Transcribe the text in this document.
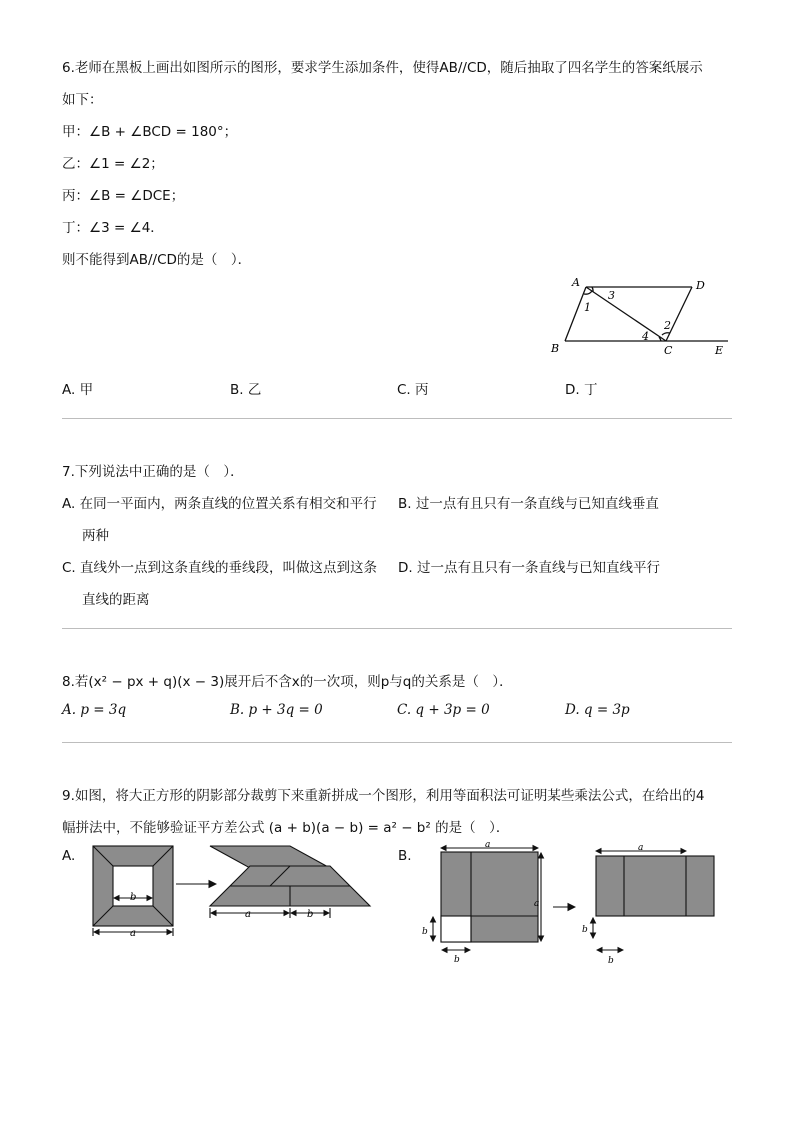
6.老师在黑板上画出如图所示的图形，要求学生添加条件，使得AB//CD，随后抽取了四名学生的答案纸展示
如下：
甲：∠B + ∠BCD = 180°；
乙：∠1 = ∠2；
丙：∠B = ∠DCE；
丁：∠3 = ∠4．
则不能得到AB//CD的是（　）．
A	D
B	C	E
1
3
4
2
A. 甲	B. 乙	C. 丙	D. 丁
7.下列说法中正确的是（　）．
A. 在同一平面内，两条直线的位置关系有相交和平行
两种
B. 过一点有且只有一条直线与已知直线垂直
C. 直线外一点到这条直线的垂线段，叫做这点到这条
直线的距离
D. 过一点有且只有一条直线与已知直线平行
8.若(x² − px + q)(x − 3)展开后不含x的一次项，则p与q的关系是（　）．
A. p = 3q	B. p + 3q = 0	C. q + 3p = 0	D. q = 3p
9.如图，将大正方形的阴影部分裁剪下来重新拼成一个图形，利用等面积法可证明某些乘法公式，在给出的4
幅拼法中，不能够验证平方差公式 (a + b)(a − b) = a² − b² 的是（　）．
A.	B.
b
a
a	b
a
a
b
b
a
b
b
